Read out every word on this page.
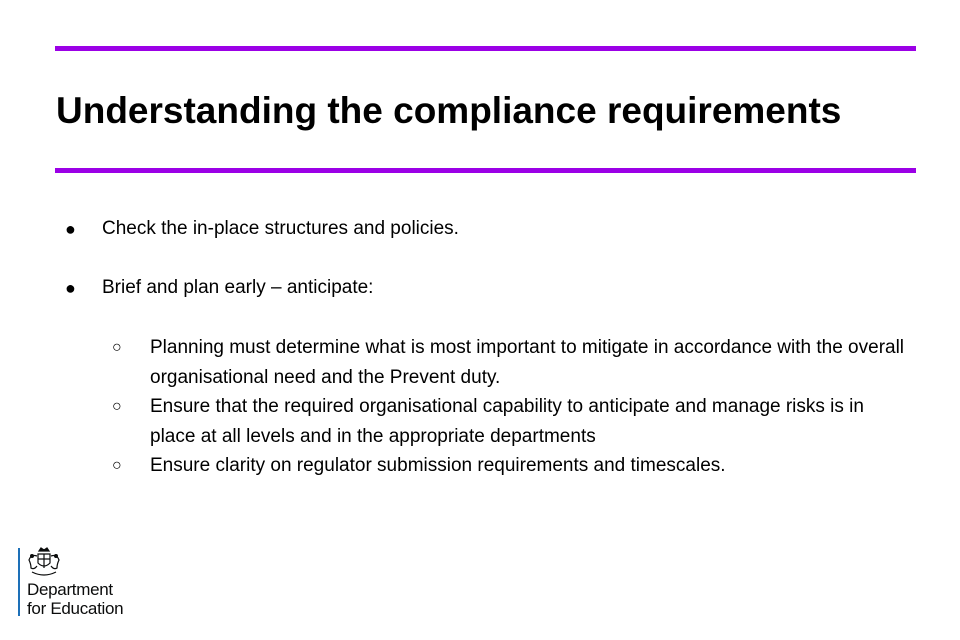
Understanding the compliance requirements
● Check the in-place structures and policies.
● Brief and plan early – anticipate:
○ Planning must determine what is most important to mitigate in accordance with the overall organisational need and the Prevent duty.
○ Ensure that the required organisational capability to anticipate and manage risks is in place at all levels and in the appropriate departments
○ Ensure clarity on regulator submission requirements and timescales.
Department
for Education
